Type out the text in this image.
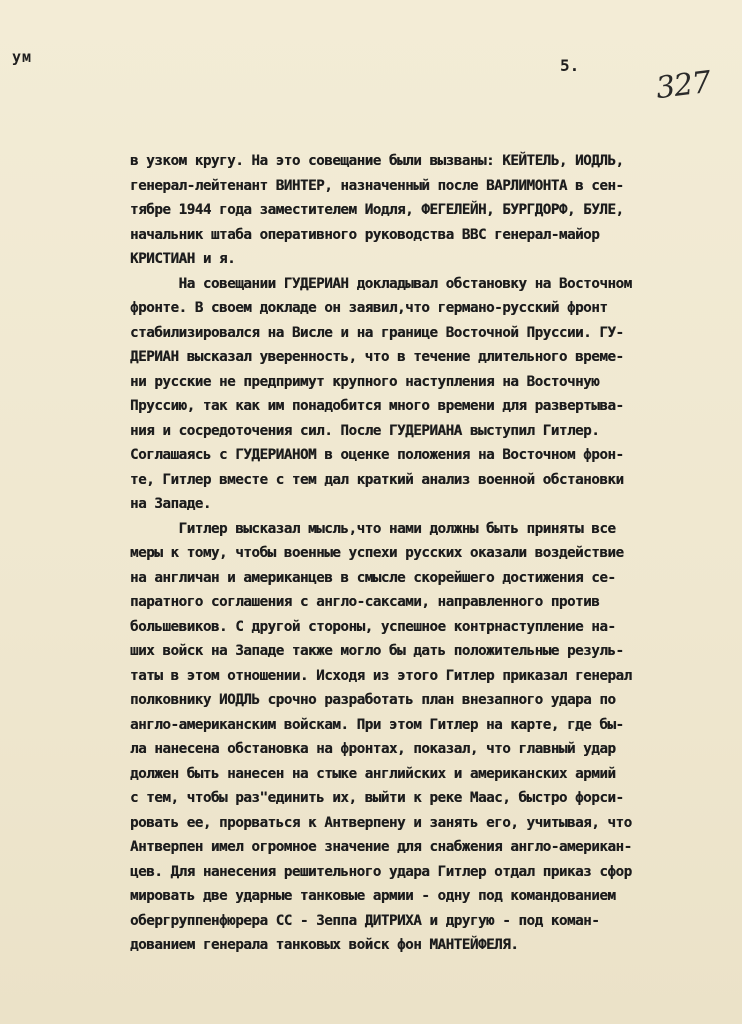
ум	5. 327
в узком кругу. На это совещание были вызваны: КЕЙТЕЛЬ, ИОДЛЬ,
генерал-лейтенант ВИНТЕР, назначенный после ВАРЛИМОНТА в сен-
тябре 1944 года заместителем Иодля, ФЕГЕЛЕЙН, БУРГДОРФ, БУЛЕ,
начальник штаба оперативного руководства ВВС генерал-майор
КРИСТИАН и я.
На совещании ГУДЕРИАН докладывал обстановку на Восточном
фронте. В своем докладе он заявил,что германо-русский фронт
стабилизировался на Висле и на границе Восточной Пруссии. ГУ-
ДЕРИАН высказал уверенность, что в течение длительного време-
ни русские не предпримут крупного наступления на Восточную
Пруссию, так как им понадобится много времени для развертыва-
ния и сосредоточения сил. После ГУДЕРИАНА выступил Гитлер.
Соглашаясь с ГУДЕРИАНОМ в оценке положения на Восточном фрон-
те, Гитлер вместе с тем дал краткий анализ военной обстановки
на Западе.
Гитлер высказал мысль,что нами должны быть приняты все
меры к тому, чтобы военные успехи русских оказали воздействие
на англичан и американцев в смысле скорейшего достижения се-
паратного соглашения с англо-саксами, направленного против
большевиков. С другой стороны, успешное контрнаступление на-
ших войск на Западе также могло бы дать положительные резуль-
таты в этом отношении. Исходя из этого Гитлер приказал генерал
полковнику ИОДЛЬ срочно разработать план внезапного удара по
англо-американским войскам. При этом Гитлер на карте, где бы-
ла нанесена обстановка на фронтах, показал, что главный удар
должен быть нанесен на стыке английских и американских армий
с тем, чтобы раз"единить их, выйти к реке Маас, быстро форси-
ровать ее, прорваться к Антверпену и занять его, учитывая, что
Антверпен имел огромное значение для снабжения англо-американ-
цев. Для нанесения решительного удара Гитлер отдал приказ сфор
мировать две ударные танковые армии - одну под командованием
обергруппенфюрера СС - Зеппа ДИТРИХА и другую - под коман-
дованием генерала танковых войск фон МАНТЕЙФЕЛЯ.
